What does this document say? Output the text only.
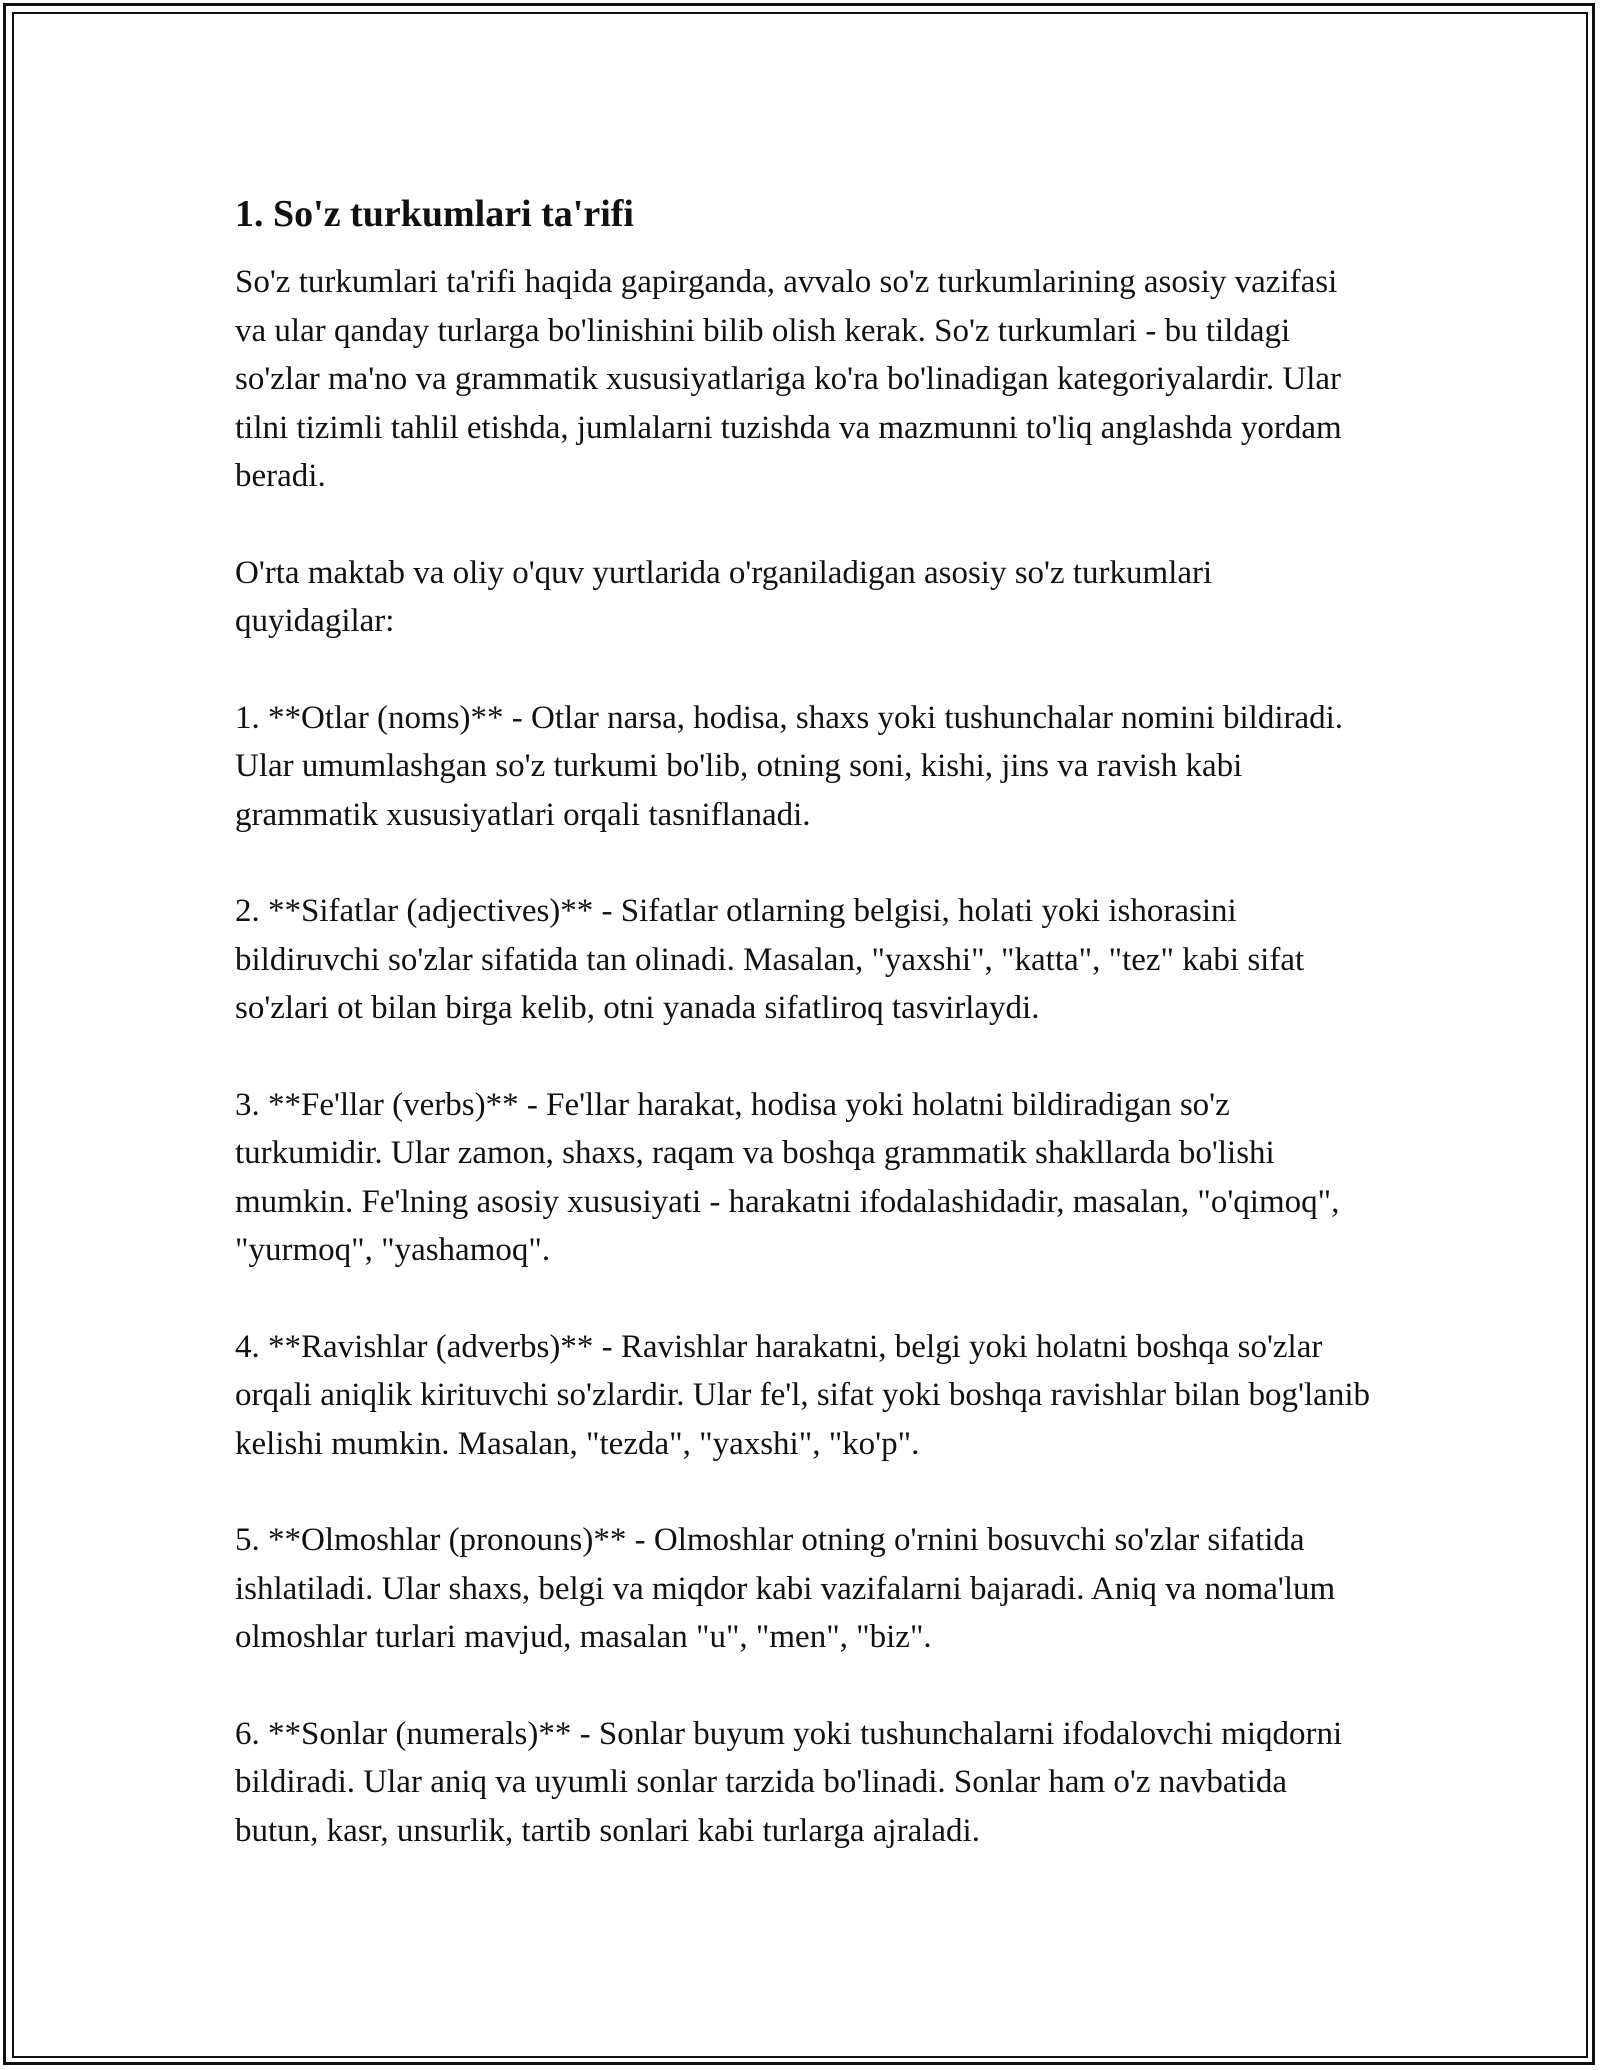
1. So'z turkumlari ta'rifi

So'z turkumlari ta'rifi haqida gapirganda, avvalo so'z turkumlarining asosiy vazifasi va ular qanday turlarga bo'linishini bilib olish kerak. So'z turkumlari - bu tildagi so'zlar ma'no va grammatik xususiyatlariga ko'ra bo'linadigan kategoriyalardir. Ular tilni tizimli tahlil etishda, jumlalarni tuzishda va mazmunni to'liq anglashda yordam beradi.

O'rta maktab va oliy o'quv yurtlarida o'rganiladigan asosiy so'z turkumlari quyidagilar:

1. **Otlar (noms)** - Otlar narsa, hodisa, shaxs yoki tushunchalar nomini bildiradi. Ular umumlashgan so'z turkumi bo'lib, otning soni, kishi, jins va ravish kabi grammatik xususiyatlari orqali tasniflanadi.

2. **Sifatlar (adjectives)** - Sifatlar otlarning belgisi, holati yoki ishorasini bildiruvchi so'zlar sifatida tan olinadi. Masalan, "yaxshi", "katta", "tez" kabi sifat so'zlari ot bilan birga kelib, otni yanada sifatliroq tasvirlaydi.

3. **Fe'llar (verbs)** - Fe'llar harakat, hodisa yoki holatni bildiradigan so'z turkumidir. Ular zamon, shaxs, raqam va boshqa grammatik shakllarda bo'lishi mumkin. Fe'lning asosiy xususiyati - harakatni ifodalashidadir, masalan, "o'qimoq", "yurmoq", "yashamoq".

4. **Ravishlar (adverbs)** - Ravishlar harakatni, belgi yoki holatni boshqa so'zlar orqali aniqlik kirituvchi so'zlardir. Ular fe'l, sifat yoki boshqa ravishlar bilan bog'lanib kelishi mumkin. Masalan, "tezda", "yaxshi", "ko'p".

5. **Olmoshlar (pronouns)** - Olmoshlar otning o'rnini bosuvchi so'zlar sifatida ishlatiladi. Ular shaxs, belgi va miqdor kabi vazifalarni bajaradi. Aniq va noma'lum olmoshlar turlari mavjud, masalan "u", "men", "biz".

6. **Sonlar (numerals)** - Sonlar buyum yoki tushunchalarni ifodalovchi miqdorni bildiradi. Ular aniq va uyumli sonlar tarzida bo'linadi. Sonlar ham o'z navbatida butun, kasr, unsurlik, tartib sonlari kabi turlarga ajraladi.
